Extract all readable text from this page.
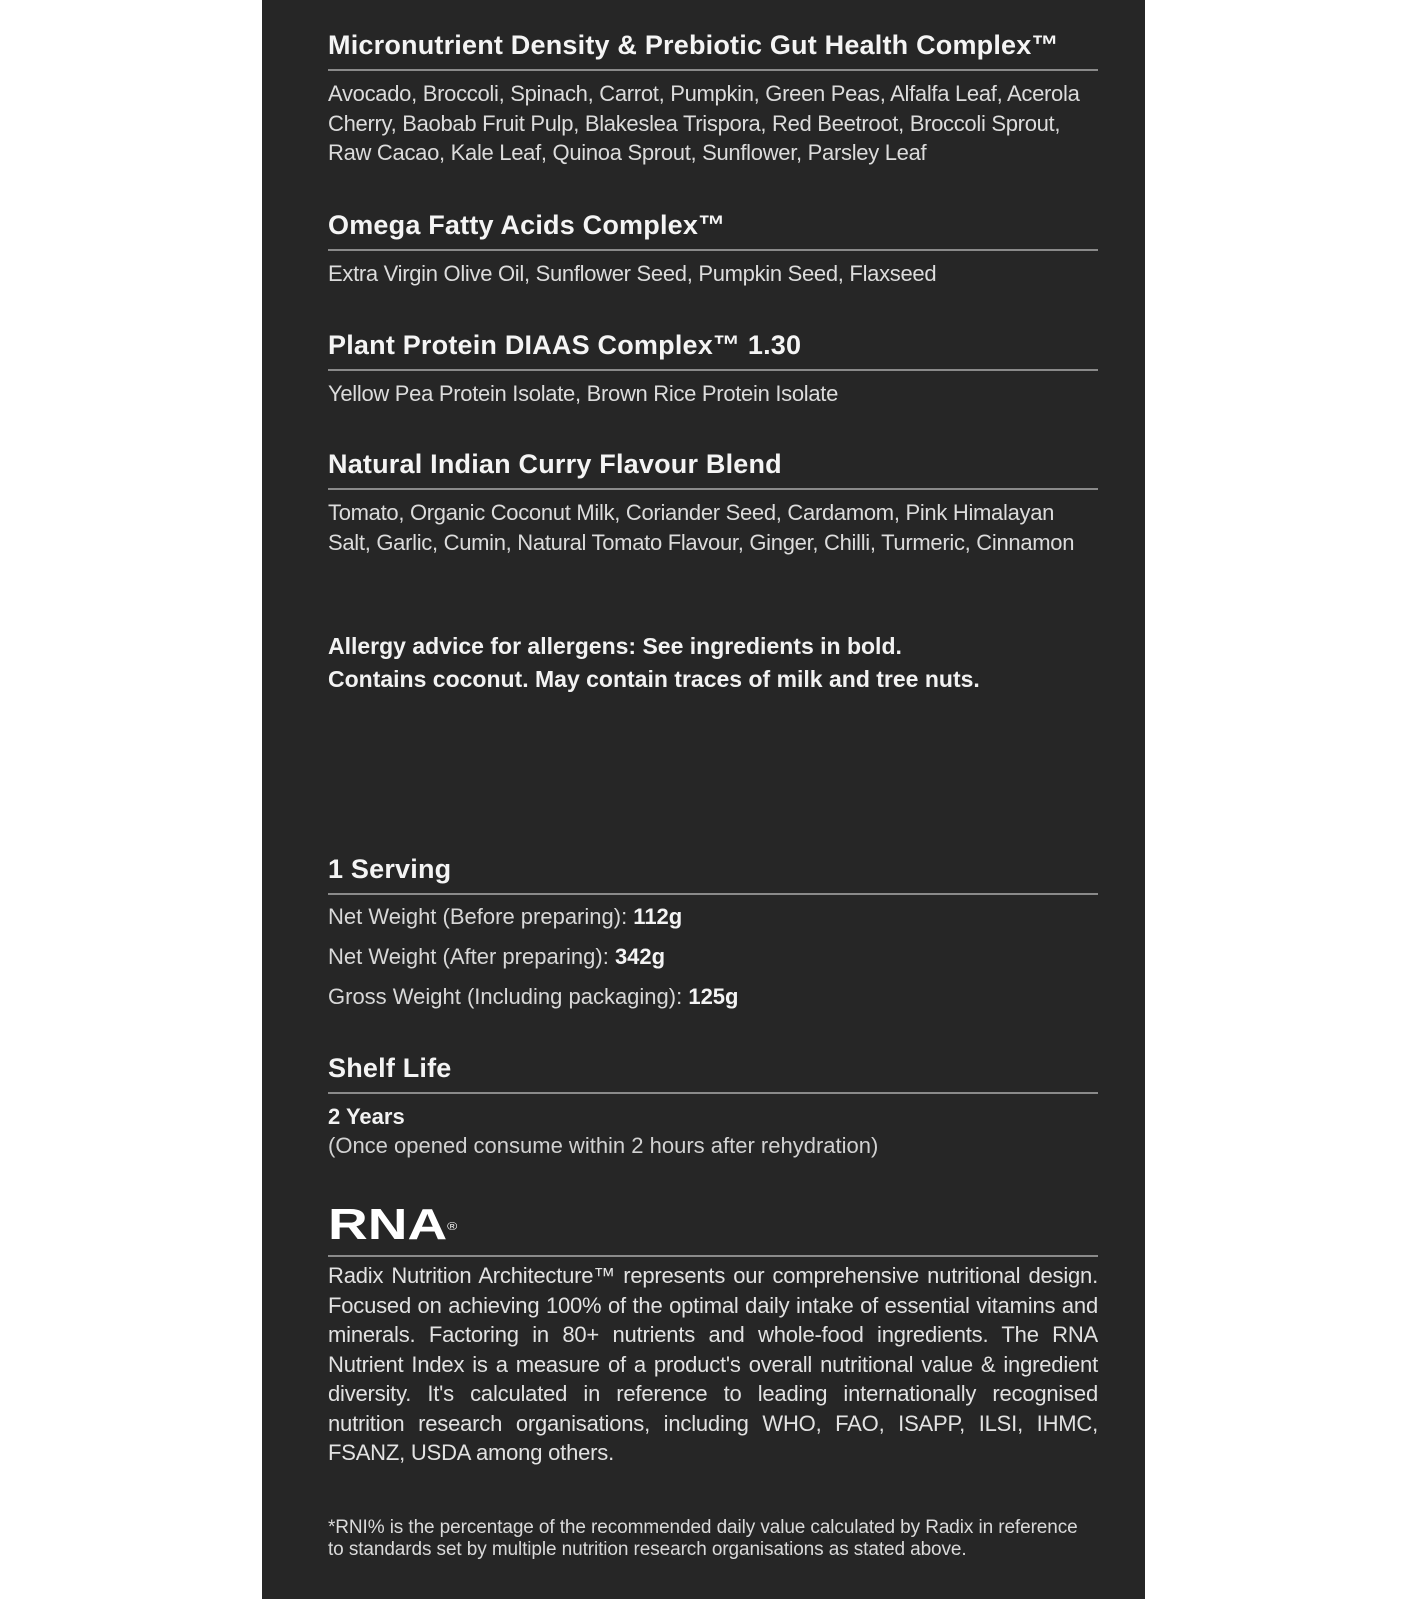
Micronutrient Density & Prebiotic Gut Health Complex™

Avocado, Broccoli, Spinach, Carrot, Pumpkin, Green Peas, Alfalfa Leaf, Acerola Cherry, Baobab Fruit Pulp, Blakeslea Trispora, Red Beetroot, Broccoli Sprout, Raw Cacao, Kale Leaf, Quinoa Sprout, Sunflower, Parsley Leaf

Omega Fatty Acids Complex™

Extra Virgin Olive Oil, Sunflower Seed, Pumpkin Seed, Flaxseed

Plant Protein DIAAS Complex™ 1.30

Yellow Pea Protein Isolate, Brown Rice Protein Isolate

Natural Indian Curry Flavour Blend

Tomato, Organic Coconut Milk, Coriander Seed, Cardamom, Pink Himalayan Salt, Garlic, Cumin, Natural Tomato Flavour, Ginger, Chilli, Turmeric, Cinnamon

Allergy advice for allergens: See ingredients in bold.
Contains coconut. May contain traces of milk and tree nuts.
1 Serving
Net Weight (Before preparing): 112g
Net Weight (After preparing): 342g
Gross Weight (Including packaging): 125g
Shelf Life
2 Years
(Once opened consume within 2 hours after rehydration)
RNA®
Radix Nutrition Architecture™ represents our comprehensive nutritional design. Focused on achieving 100% of the optimal daily intake of essential vitamins and minerals. Factoring in 80+ nutrients and whole-food ingredients. The RNA Nutrient Index is a measure of a product's overall nutritional value & ingredient diversity. It's calculated in reference to leading internationally recognised nutrition research organisations, including WHO, FAO, ISAPP, ILSI, IHMC, FSANZ, USDA among others.
*RNI% is the percentage of the recommended daily value calculated by Radix in reference to standards set by multiple nutrition research organisations as stated above.
